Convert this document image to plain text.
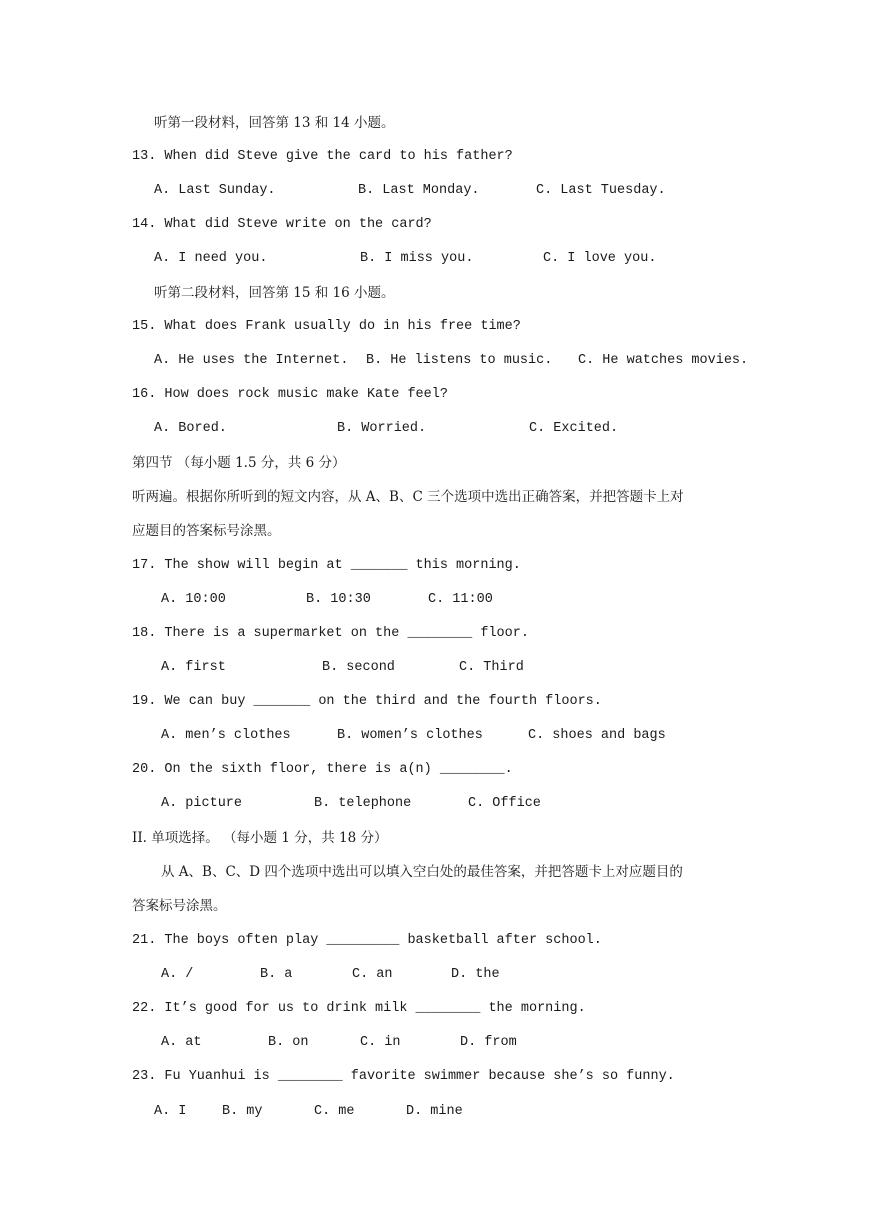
听第一段材料，回答第 13 和 14 小题。
13. When did Steve give the card to his father?
A. Last Sunday.	B. Last Monday.	C. Last Tuesday.
14. What did Steve write on the card?
A. I need you.	B. I miss you.	C. I love you.
听第二段材料，回答第 15 和 16 小题。
15. What does Frank usually do in his free time?
A. He uses the Internet. B. He listens to music. C. He watches movies.
16. How does rock music make Kate feel?
A. Bored.	B. Worried.	C. Excited.
第四节 （每小题 1.5 分，共 6 分）
听两遍。根据你所听到的短文内容，从 A、B、C 三个选项中选出正确答案，并把答题卡上对
应题目的答案标号涂黑。
17. The show will begin at _______ this morning.
A. 10:00	B. 10:30	C. 11:00
18. There is a supermarket on the ________ floor.
A. first	B. second	C. Third
19. We can buy _______ on the third and the fourth floors.
A. men’s clothes	B. women’s clothes	C. shoes and bags
20. On the sixth floor, there is a(n) ________.
A. picture	B. telephone	C. Office
II. 单项选择。 （每小题 1 分，共 18 分）
从 A、B、C、D 四个选项中选出可以填入空白处的最佳答案，并把答题卡上对应题目的
答案标号涂黑。
21. The boys often play _________ basketball after school.
A. /	B. a	C. an	D. the
22. It’s good for us to drink milk ________ the morning.
A. at	B. on	C. in	D. from
23. Fu Yuanhui is ________ favorite swimmer because she’s so funny.
A. I	B. my	C. me	D. mine
